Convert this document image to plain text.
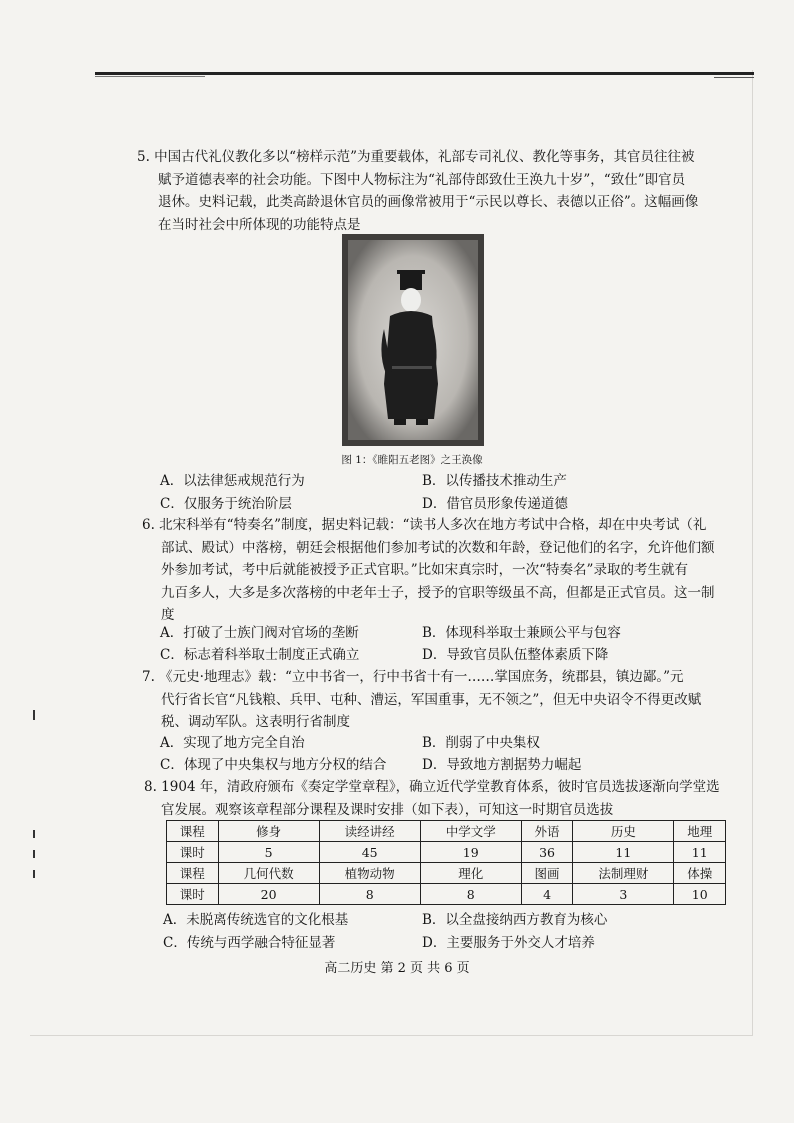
5. 中国古代礼仪教化多以“榜样示范”为重要载体，礼部专司礼仪、教化等事务，其官员往往被

赋予道德表率的社会功能。下图中人物标注为“礼部侍郎致仕王涣九十岁”，“致仕”即官员

退休。史料记载，此类高龄退休官员的画像常被用于“示民以尊长、表德以正俗”。这幅画像

在当时社会中所体现的功能特点是

图 1：《睢阳五老图》之王涣像
A．以法律惩戒规范行为	B．以传播技术推动生产
C．仅服务于统治阶层	D．借官员形象传递道德

6. 北宋科举有“特奏名”制度，据史料记载：“读书人多次在地方考试中合格，却在中央考试（礼

部试、殿试）中落榜，朝廷会根据他们参加考试的次数和年龄，登记他们的名字，允许他们额

外参加考试，考中后就能被授予正式官职。”比如宋真宗时，一次“特奏名”录取的考生就有

九百多人，大多是多次落榜的中老年士子，授予的官职等级虽不高，但都是正式官员。这一制

度

A．打破了士族门阀对官场的垄断	B．体现科举取士兼顾公平与包容
C．标志着科举取士制度正式确立	D．导致官员队伍整体素质下降

7. 《元史·地理志》载：“立中书省一，行中书省十有一……掌国庶务，统郡县，镇边鄙。”元

代行省长官“凡钱粮、兵甲、屯种、漕运，军国重事，无不领之”，但无中央诏令不得更改赋

税、调动军队。这表明行省制度

A．实现了地方完全自治	B．削弱了中央集权
C．体现了中央集权与地方分权的结合	D．导致地方割据势力崛起

8. 1904 年，清政府颁布《奏定学堂章程》，确立近代学堂教育体系，彼时官员选拔逐渐向学堂选

官发展。观察该章程部分课程及课时安排（如下表），可知这一时期官员选拔

课程	修身	读经讲经	中学文学	外语	历史	地理
课时	5	45	19	36	11	11
课程	几何代数	植物动物	理化	图画	法制理财	体操
课时	20	8	8	4	3	10
A．未脱离传统选官的文化根基	B．以全盘接纳西方教育为核心
C．传统与西学融合特征显著	D．主要服务于外交人才培养
高二历史 第 2 页 共 6 页
